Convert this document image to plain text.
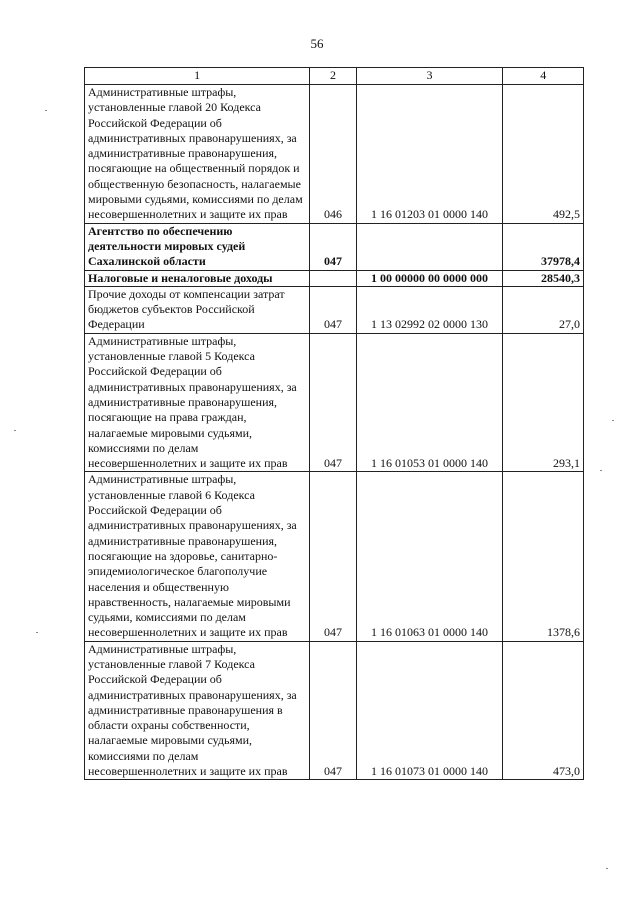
56
1	2	3	4
Административные штрафы, установленные главой 20 Кодекса Российской Федерации об административных правонарушениях, за административные правонарушения, посягающие на общественный порядок и общественную безопасность, налагаемые мировыми судьями, комиссиями по делам несовершеннолетних и защите их прав	046	1 16 01203 01 0000 140	492,5
Агентство по обеспечению деятельности мировых судей Сахалинской области	047		37978,4
Налоговые и неналоговые доходы		1 00 00000 00 0000 000	28540,3
Прочие доходы от компенсации затрат бюджетов субъектов Российской Федерации	047	1 13 02992 02 0000 130	27,0
Административные штрафы, установленные главой 5 Кодекса Российской Федерации об административных правонарушениях, за административные правонарушения, посягающие на права граждан, налагаемые мировыми судьями, комиссиями по делам несовершеннолетних и защите их прав	047	1 16 01053 01 0000 140	293,1
Административные штрафы, установленные главой 6 Кодекса Российской Федерации об административных правонарушениях, за административные правонарушения, посягающие на здоровье, санитарно-эпидемиологическое благополучие населения и общественную нравственность, налагаемые мировыми судьями, комиссиями по делам несовершеннолетних и защите их прав	047	1 16 01063 01 0000 140	1378,6
Административные штрафы, установленные главой 7 Кодекса Российской Федерации об административных правонарушениях, за административные правонарушения в области охраны собственности, налагаемые мировыми судьями, комиссиями по делам несовершеннолетних и защите их прав	047	1 16 01073 01 0000 140	473,0
